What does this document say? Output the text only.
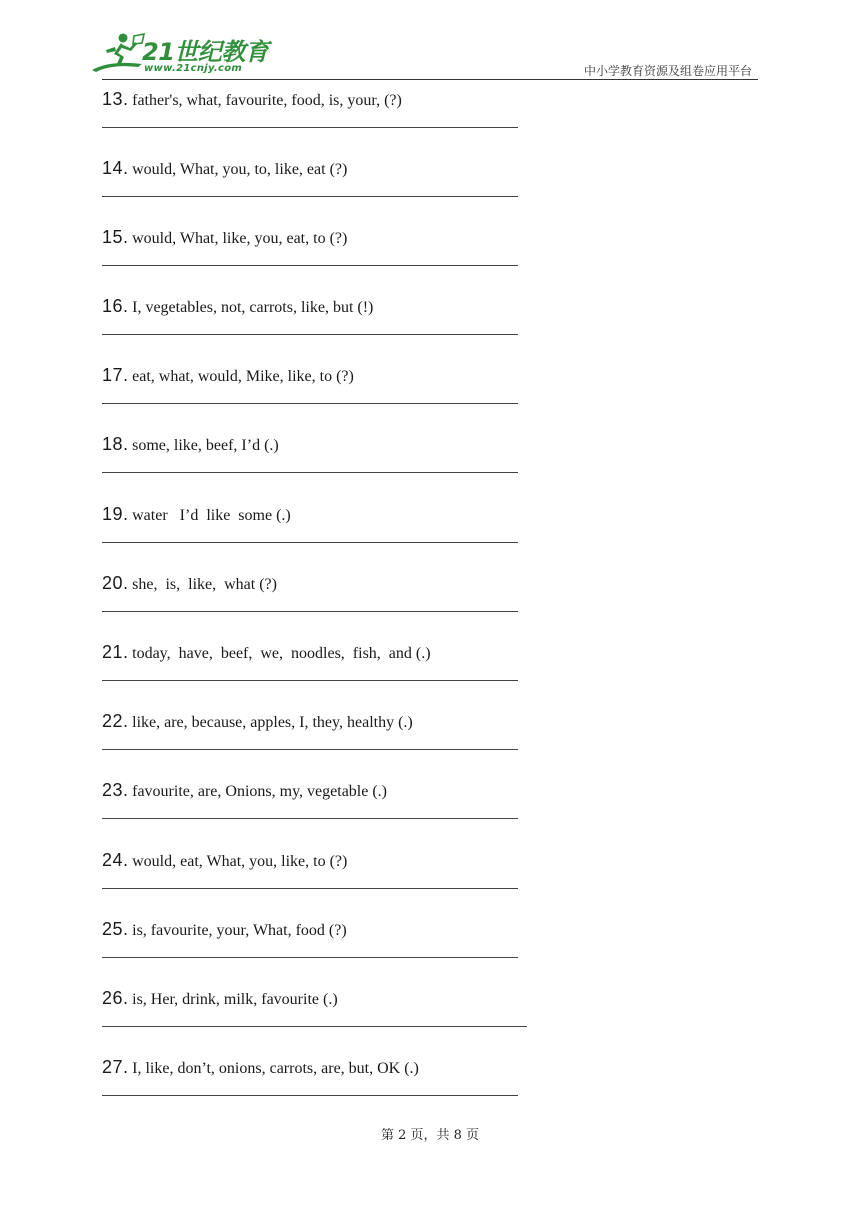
21世纪教育
www.21cnjy.com	中小学教育资源及组卷应用平台
13. father's, what, favourite, food, is, your, (?)
14. would, What, you, to, like, eat (?)
15. would, What, like, you, eat, to (?)
16. I, vegetables, not, carrots, like, but (!)
17. eat, what, would, Mike, like, to (?)
18. some, like, beef, I’d (.)
19. water   I’d  like  some (.)
20. she,  is,  like,  what (?)
21. today,  have,  beef,  we,  noodles,  fish,  and (.)
22. like, are, because, apples, I, they, healthy (.)
23. favourite, are, Onions, my, vegetable (.)
24. would, eat, What, you, like, to (?)
25. is, favourite, your, What, food (?)
26. is, Her, drink, milk, favourite (.)
27. I, like, don’t, onions, carrots, are, but, OK (.)
第 2 页，共 8 页
